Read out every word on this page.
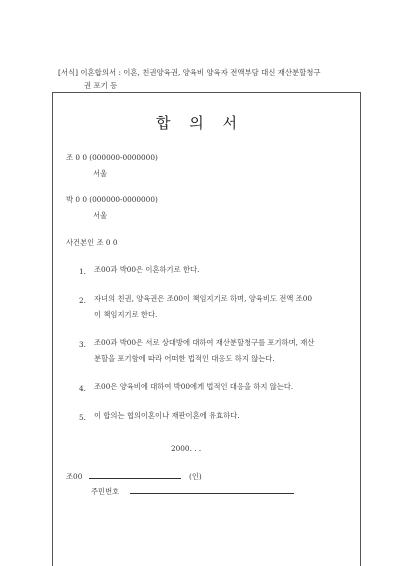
[서식] 이혼합의서 : 이혼, 친권양육권, 양육비 양육자 전액부담 대신 재산분할청구
권 포기 등
합 의 서
조 0 0 (000000-0000000)
서울
박 0 0 (000000-0000000)
서울
사건본인 조 0 0
1. 조00과 박00은 이혼하기로 한다.
2. 자녀의 친권, 양육권은 조00이 책임지기로 하며, 양육비도 전액 조00이 책임지기로 한다.
3. 조00과 박00은 서로 상대방에 대하여 재산분할청구를 포기하며, 재산분할을 포기함에 따라 어떠한 법적인 대응도 하지 않는다.
4. 조00은 양육비에 대하여 박00에게 법적인 대응을 하지 않는다.
5. 이 합의는 협의이혼이나 재판이혼에 유효하다.
2000. . .
조00	(인)
주민번호
